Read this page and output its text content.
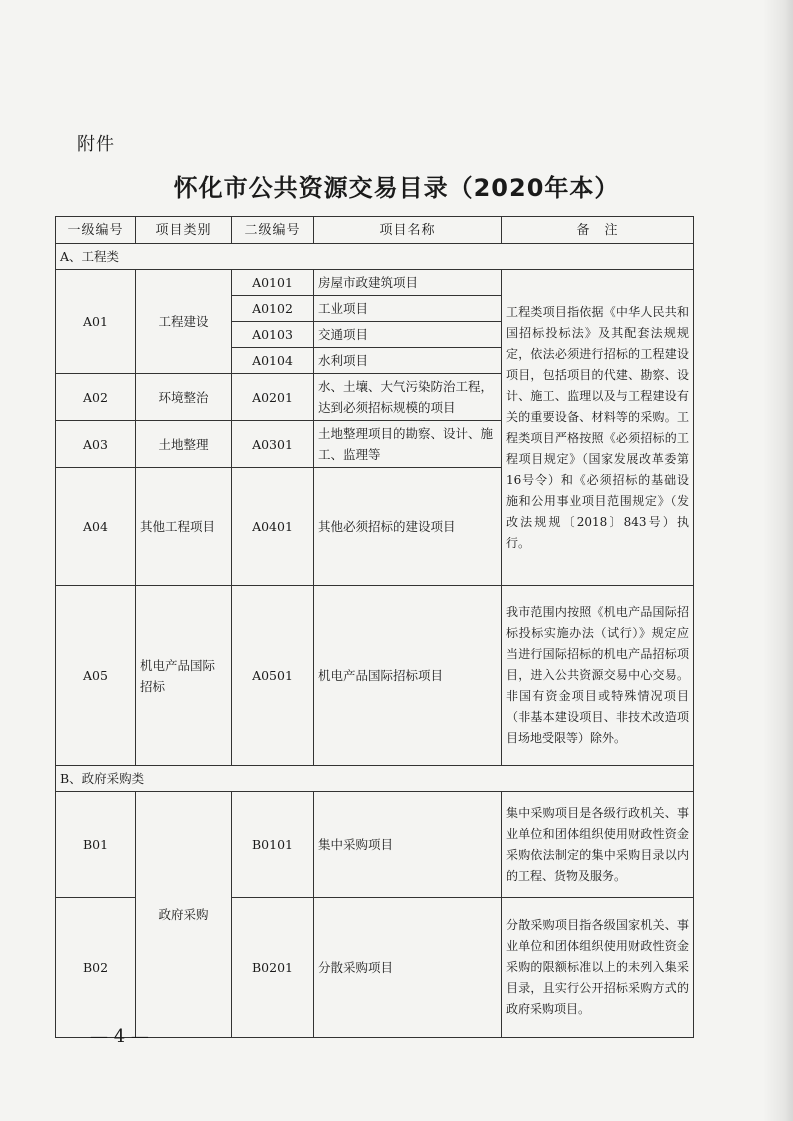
附件
怀化市公共资源交易目录（2020年本）
一级编号	项目类别	二级编号	项目名称	备　注
A、工程类				
A01	工程建设	A0101	房屋市政建筑项目	工程类项目指依据《中华人民共和国招标投标法》及其配套法规规定，依法必须进行招标的工程建设项目，包括项目的代建、勘察、设计、施工、监理以及与工程建设有关的重要设备、材料等的采购。工程类项目严格按照《必须招标的工程项目规定》（国家发展改革委第16号令）和《必须招标的基础设施和公用事业项目范围规定》（发改法规规〔2018〕843号）执行。
		A0102	工业项目	
		A0103	交通项目	
		A0104	水利项目	
A02	环境整治	A0201	水、土壤、大气污染防治工程，达到必须招标规模的项目	
A03	土地整理	A0301	土地整理项目的勘察、设计、施工、监理等	
A04	其他工程项目	A0401	其他必须招标的建设项目	
A05	机电产品国际招标	A0501	机电产品国际招标项目	我市范围内按照《机电产品国际招标投标实施办法（试行）》规定应当进行国际招标的机电产品招标项目，进入公共资源交易中心交易。非国有资金项目或特殊情况项目（非基本建设项目、非技术改造项目场地受限等）除外。
B、政府采购类				
B01	政府采购	B0101	集中采购项目	集中采购项目是各级行政机关、事业单位和团体组织使用财政性资金采购依法制定的集中采购目录以内的工程、货物及服务。
B02		B0201	分散采购项目	分散采购项目指各级国家机关、事业单位和团体组织使用财政性资金采购的限额标准以上的未列入集采目录，且实行公开招标采购方式的政府采购项目。
— 4 —
